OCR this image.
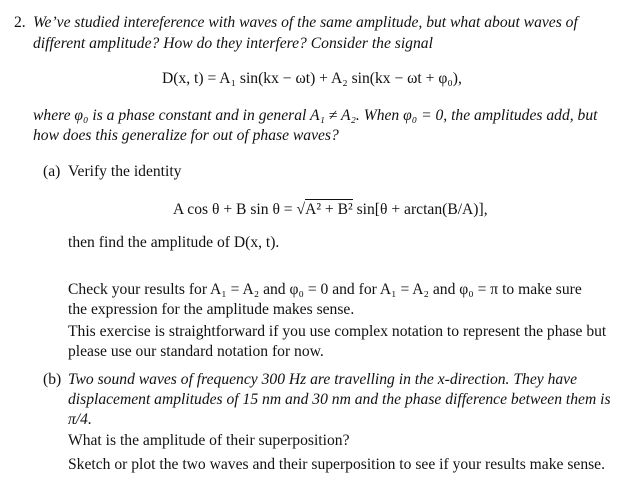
2. We’ve studied intereference with waves of the same amplitude, but what about waves of
different amplitude? How do they interfere? Consider the signal
D(x, t) = A₁ sin(kx − ωt) + A₂ sin(kx − ωt + φ₀),
where φ₀ is a phase constant and in general A₁ ≠ A₂. When φ₀ = 0, the amplitudes add, but
how does this generalize for out of phase waves?
(a) Verify the identity
A cos θ + B sin θ = √A² + B² sin[θ + arctan(B/A)],
then find the amplitude of D(x, t).
Check your results for A₁ = A₂ and φ₀ = 0 and for A₁ = A₂ and φ₀ = π to make sure
the expression for the amplitude makes sense.
This exercise is straightforward if you use complex notation to represent the phase but
please use our standard notation for now.
(b) Two sound waves of frequency 300 Hz are travelling in the x-direction. They have
displacement amplitudes of 15 nm and 30 nm and the phase difference between them is
π/4.
What is the amplitude of their superposition?
Sketch or plot the two waves and their superposition to see if your results make sense.
